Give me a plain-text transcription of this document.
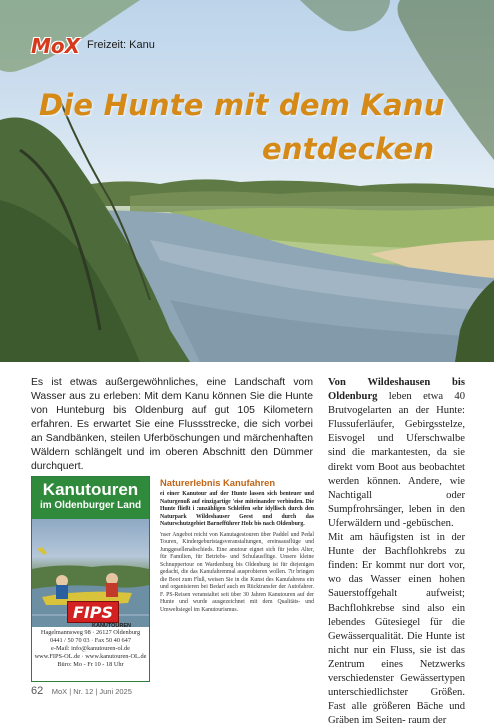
MoX Freizeit: Kanu
Die Hunte mit dem Kanu
entdecken

Es ist etwas außergewöhnliches, eine Landschaft vom Wasser aus zu erleben: Mit dem Kanu können Sie die Hunte von Hunteburg bis Oldenburg auf gut 105 Kilometern erfahren. Es erwartet Sie eine Flussstrecke, die sich vorbei an Sandbänken, steilen Uferböschungen und märchenhaften Wäldern schlängelt und im oberen Abschnitt den Dümmer durchquert.

Kanutouren
im Oldenburger Land
FIPS
KANUTOUREN
Hagelmannsweg 98 · 26127 Oldenburg
0441 / 50 70 03 · Fax 50 40 647
e-Mail: info@kanutouren-ol.de
www.FIPS-OL.de · www.kanutouren-OL.de
Büro: Mo - Fr 10 - 18 Uhr
Naturerlebnis Kanufahren
ei einer Kanutour auf der Hunte lassen sich benteuer und Naturgenuß auf einzigartige 'eise miteinander verbinden. Die Hunte fließt i :unzähligen Schleifen sehr idyllisch durch den Naturpark Wildeshauser Geest und durch das Naturschutzgebiet Barnefführer Holz bis nach Oldenburg.
'nser Angebot reicht von Kanutagestouren über Paddel und Pedal Touren, Kindergeburtstagsveranstaltungen, ereinsausflüge und Junggesellenabschieds. Eine anutour eignet sich für jedes Alter, für Familien, für Betriebs- und Schulausflüge. Unsere kleine Schnuppertour on Wardenburg bis Oldenburg ist für diejenigen gedacht, die das Kanufahrenmal ausprobieren wollen. 7ir bringen die Boot zum Fluß, weisen Sie in die Kunst des Kanufahrens ein und organisieren bei Bedarf auch en Rücktransfer der Autofahrer. F. PS-Reisen veranstaltet seit über 30 Jahren Kanutouren auf der Hunte und wurde ausgezeichnet mit dem Qualitäts- und Umweltsiegel im Kanutourismus.

Von Wildeshausen bis Oldenburg leben etwa 40 Brutvogelarten an der Hunte: Flussuferläufer, Gebirgsstelze, Eisvogel und Uferschwalbe sind die markantesten, da sie direkt vom Boot aus beobachtet werden können. Andere, wie Nachtigall oder Sumpfrohrsänger, leben in den Uferwäldern und -gebüschen.

Mit am häufigsten ist in der Hunte der Bachflohkrebs zu finden: Er kommt nur dort vor, wo das Wasser einen hohen Sauerstoffgehalt aufweist; Bachflohkrebse sind also ein lebendes Gütesiegel für die Gewässerqualität. Die Hunte ist nicht nur ein Fluss, sie ist das Zentrum eines Netzwerks verschiedenster Gewässertypen unterschiedlichster Größen. Fast alle größeren Bäche und Gräben im Seiten- raum der

62 MoX | Nr. 12 | Juni 2025
